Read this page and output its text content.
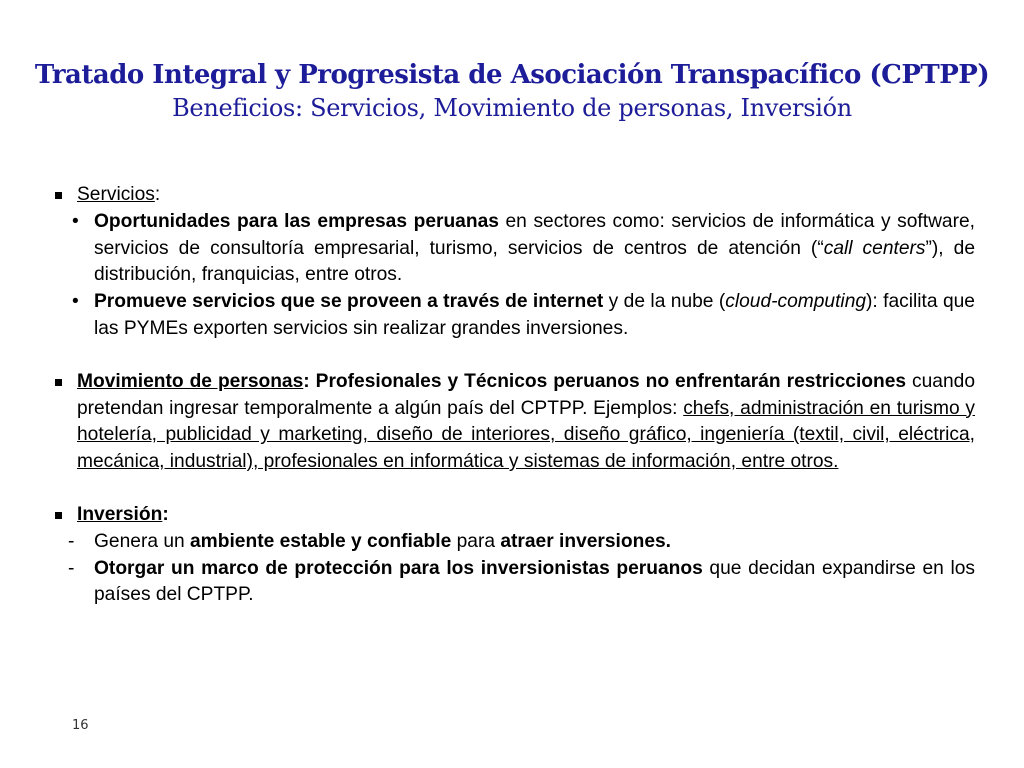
Tratado Integral y Progresista de Asociación Transpacífico (CPTPP)
Beneficios: Servicios, Movimiento de personas, Inversión
Servicios:
• Oportunidades para las empresas peruanas en sectores como: servicios de informática y software, servicios de consultoría empresarial, turismo, servicios de centros de atención (“call centers”), de distribución, franquicias, entre otros.
• Promueve servicios que se proveen a través de internet y de la nube (cloud-computing): facilita que las PYMEs exporten servicios sin realizar grandes inversiones.
Movimiento de personas: Profesionales y Técnicos peruanos no enfrentarán restricciones cuando pretendan ingresar temporalmente a algún país del CPTPP. Ejemplos: chefs, administración en turismo y hotelería, publicidad y marketing, diseño de interiores, diseño gráfico, ingeniería (textil, civil, eléctrica, mecánica, industrial), profesionales en informática y sistemas de información, entre otros.
Inversión:
- Genera un ambiente estable y confiable para atraer inversiones.
- Otorgar un marco de protección para los inversionistas peruanos que decidan expandirse en los países del CPTPP.
16
